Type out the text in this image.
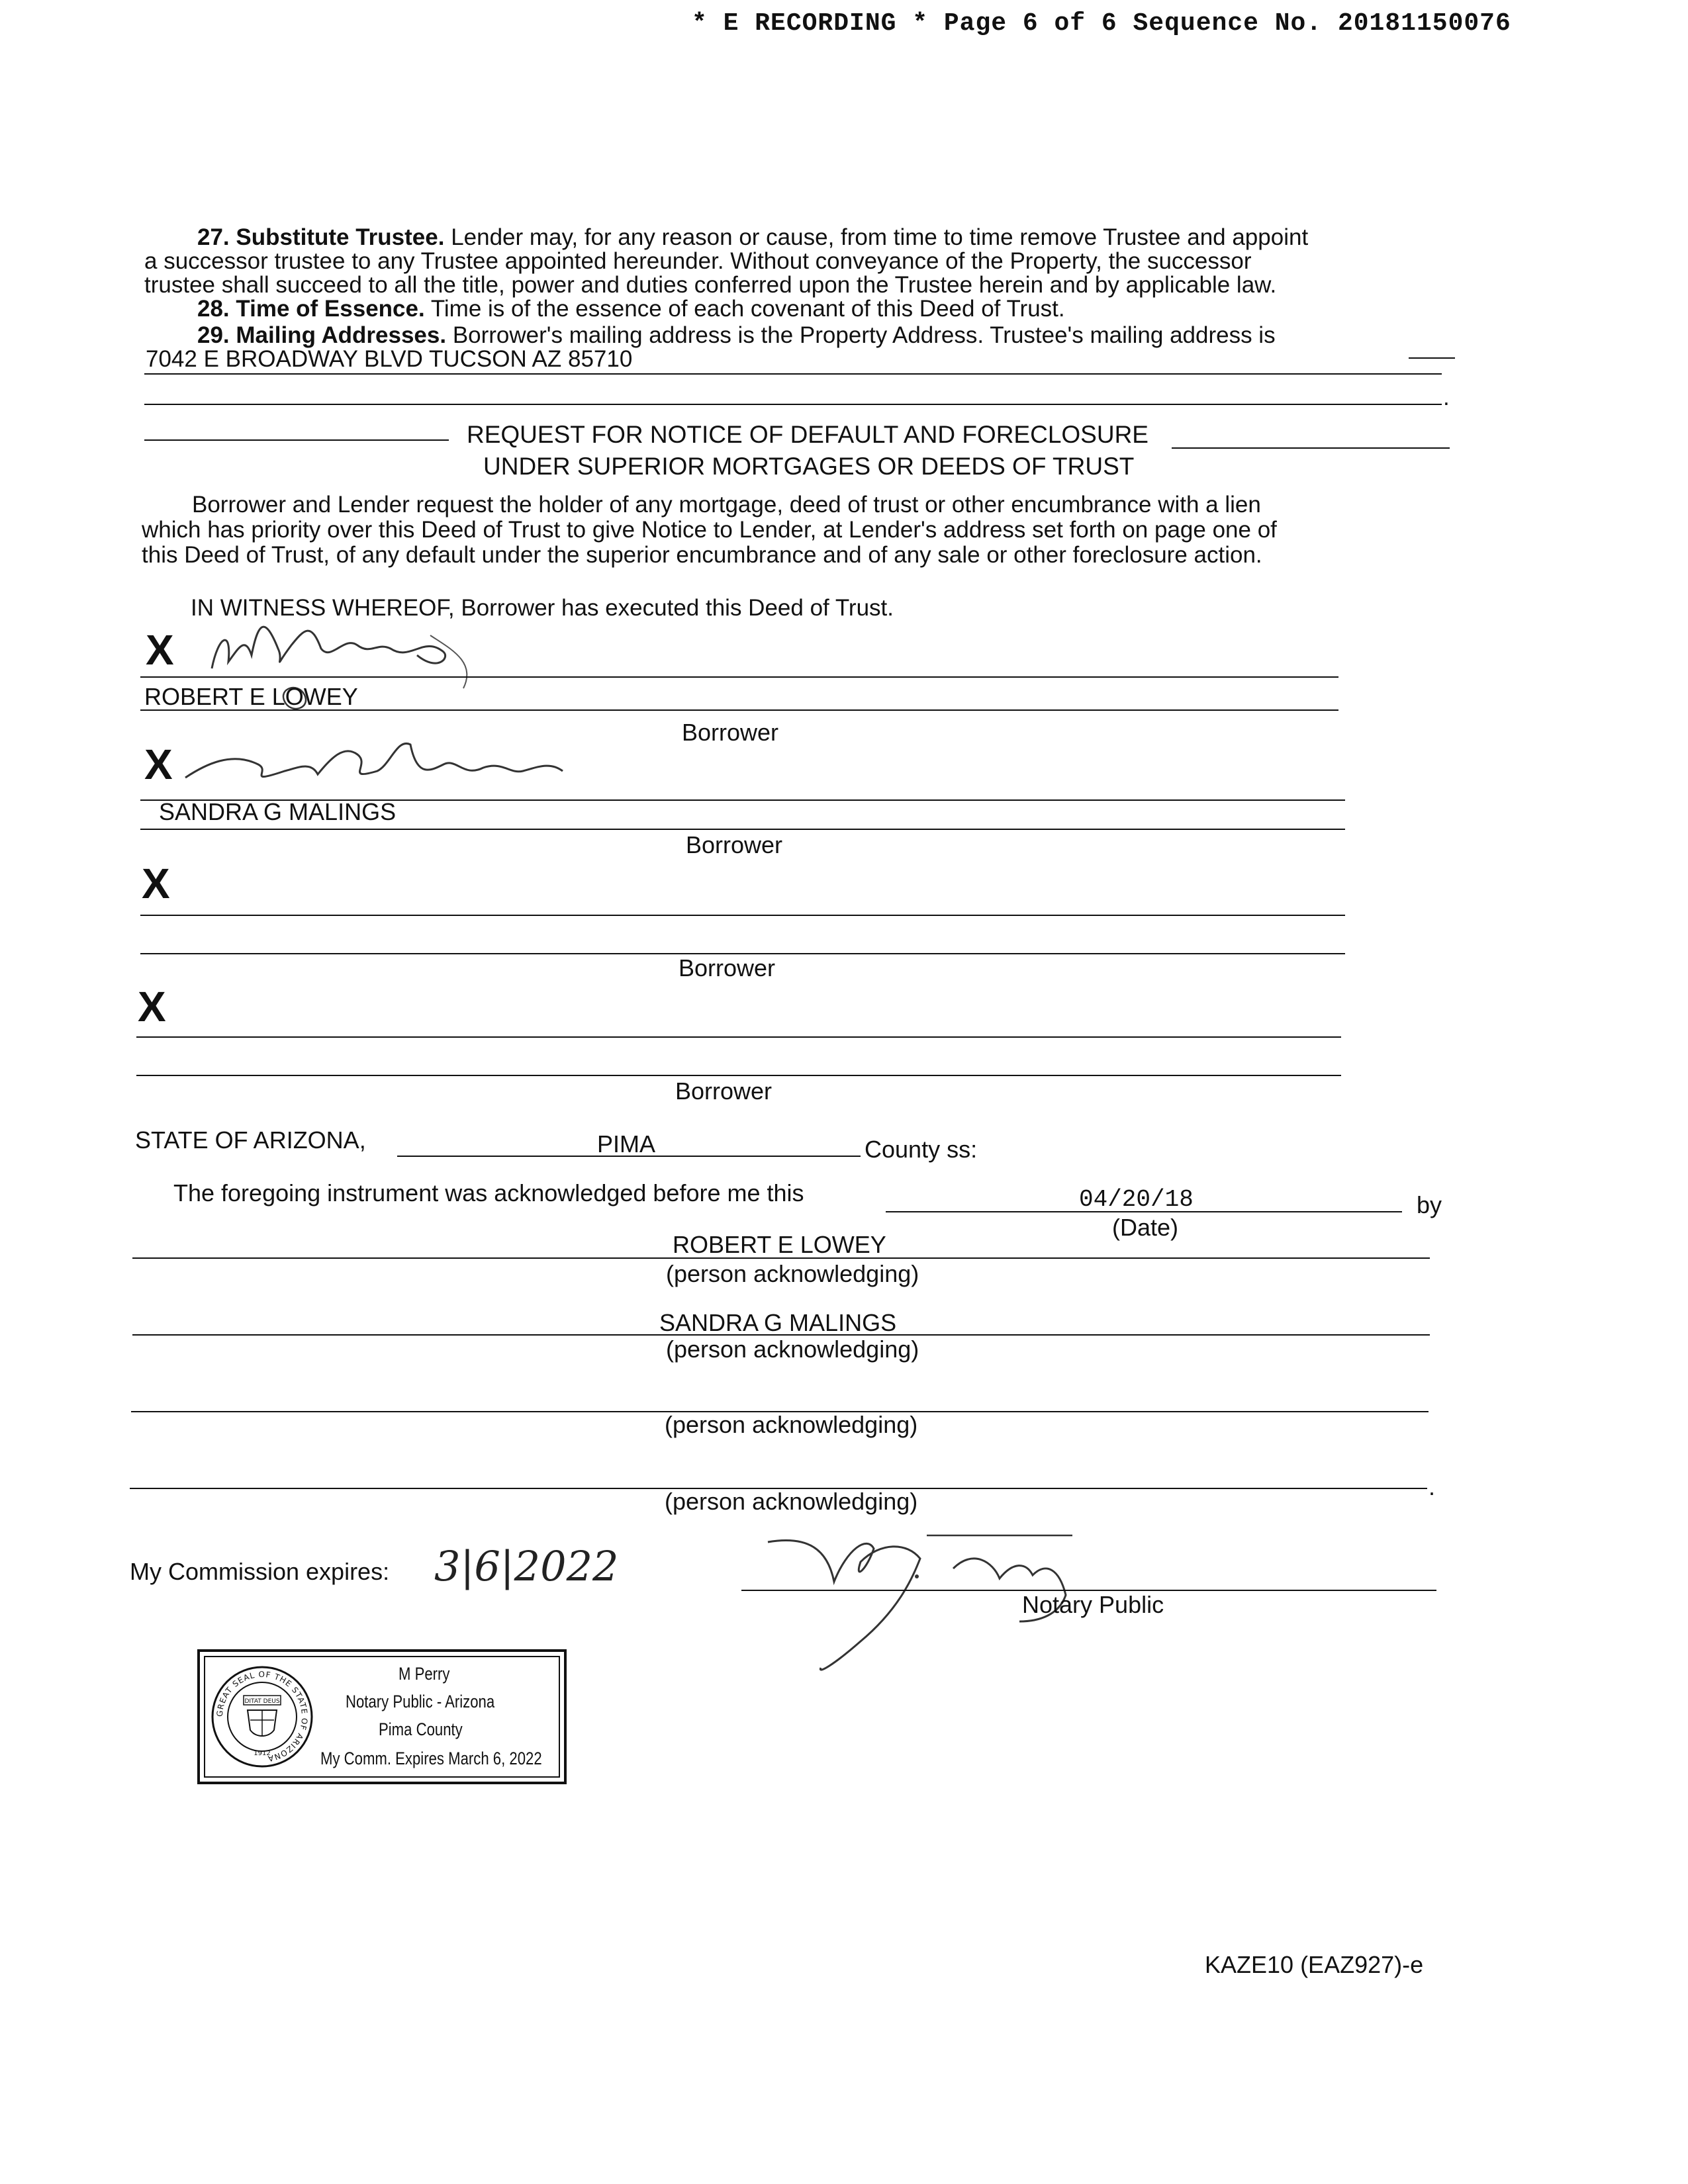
* E RECORDING * Page 6 of 6 Sequence No. 20181150076
27. Substitute Trustee. Lender may, for any reason or cause, from time to time remove Trustee and appoint
a successor trustee to any Trustee appointed hereunder. Without conveyance of the Property, the successor
trustee shall succeed to all the title, power and duties conferred upon the Trustee herein and by applicable law.
28. Time of Essence. Time is of the essence of each covenant of this Deed of Trust.
29. Mailing Addresses. Borrower's mailing address is the Property Address. Trustee's mailing address is
7042 E BROADWAY BLVD TUCSON AZ 85710
.
REQUEST FOR NOTICE OF DEFAULT AND FORECLOSURE
UNDER SUPERIOR MORTGAGES OR DEEDS OF TRUST
Borrower and Lender request the holder of any mortgage, deed of trust or other encumbrance with a lien
which has priority over this Deed of Trust to give Notice to Lender, at Lender's address set forth on page one of
this Deed of Trust, of any default under the superior encumbrance and of any sale or other foreclosure action.
IN WITNESS WHEREOF, Borrower has executed this Deed of Trust.
X
ROBERT E LOWEY
Borrower
X
SANDRA G MALINGS
Borrower
X
Borrower
X
Borrower
STATE OF ARIZONA,	PIMA	County ss:
The foregoing instrument was acknowledged before me this	04/20/18
(Date)
by
ROBERT E LOWEY
(person acknowledging)
SANDRA G MALINGS
(person acknowledging)
(person acknowledging)
.
(person acknowledging)
My Commission expires: 3|6|2022
Notary Public
GREAT SEAL OF THE STATE OF ARIZONA
DITAT DEUS
1912
M Perry
Notary Public - Arizona
Pima County
My Comm. Expires March 6, 2022
KAZE10 (EAZ927)-e
